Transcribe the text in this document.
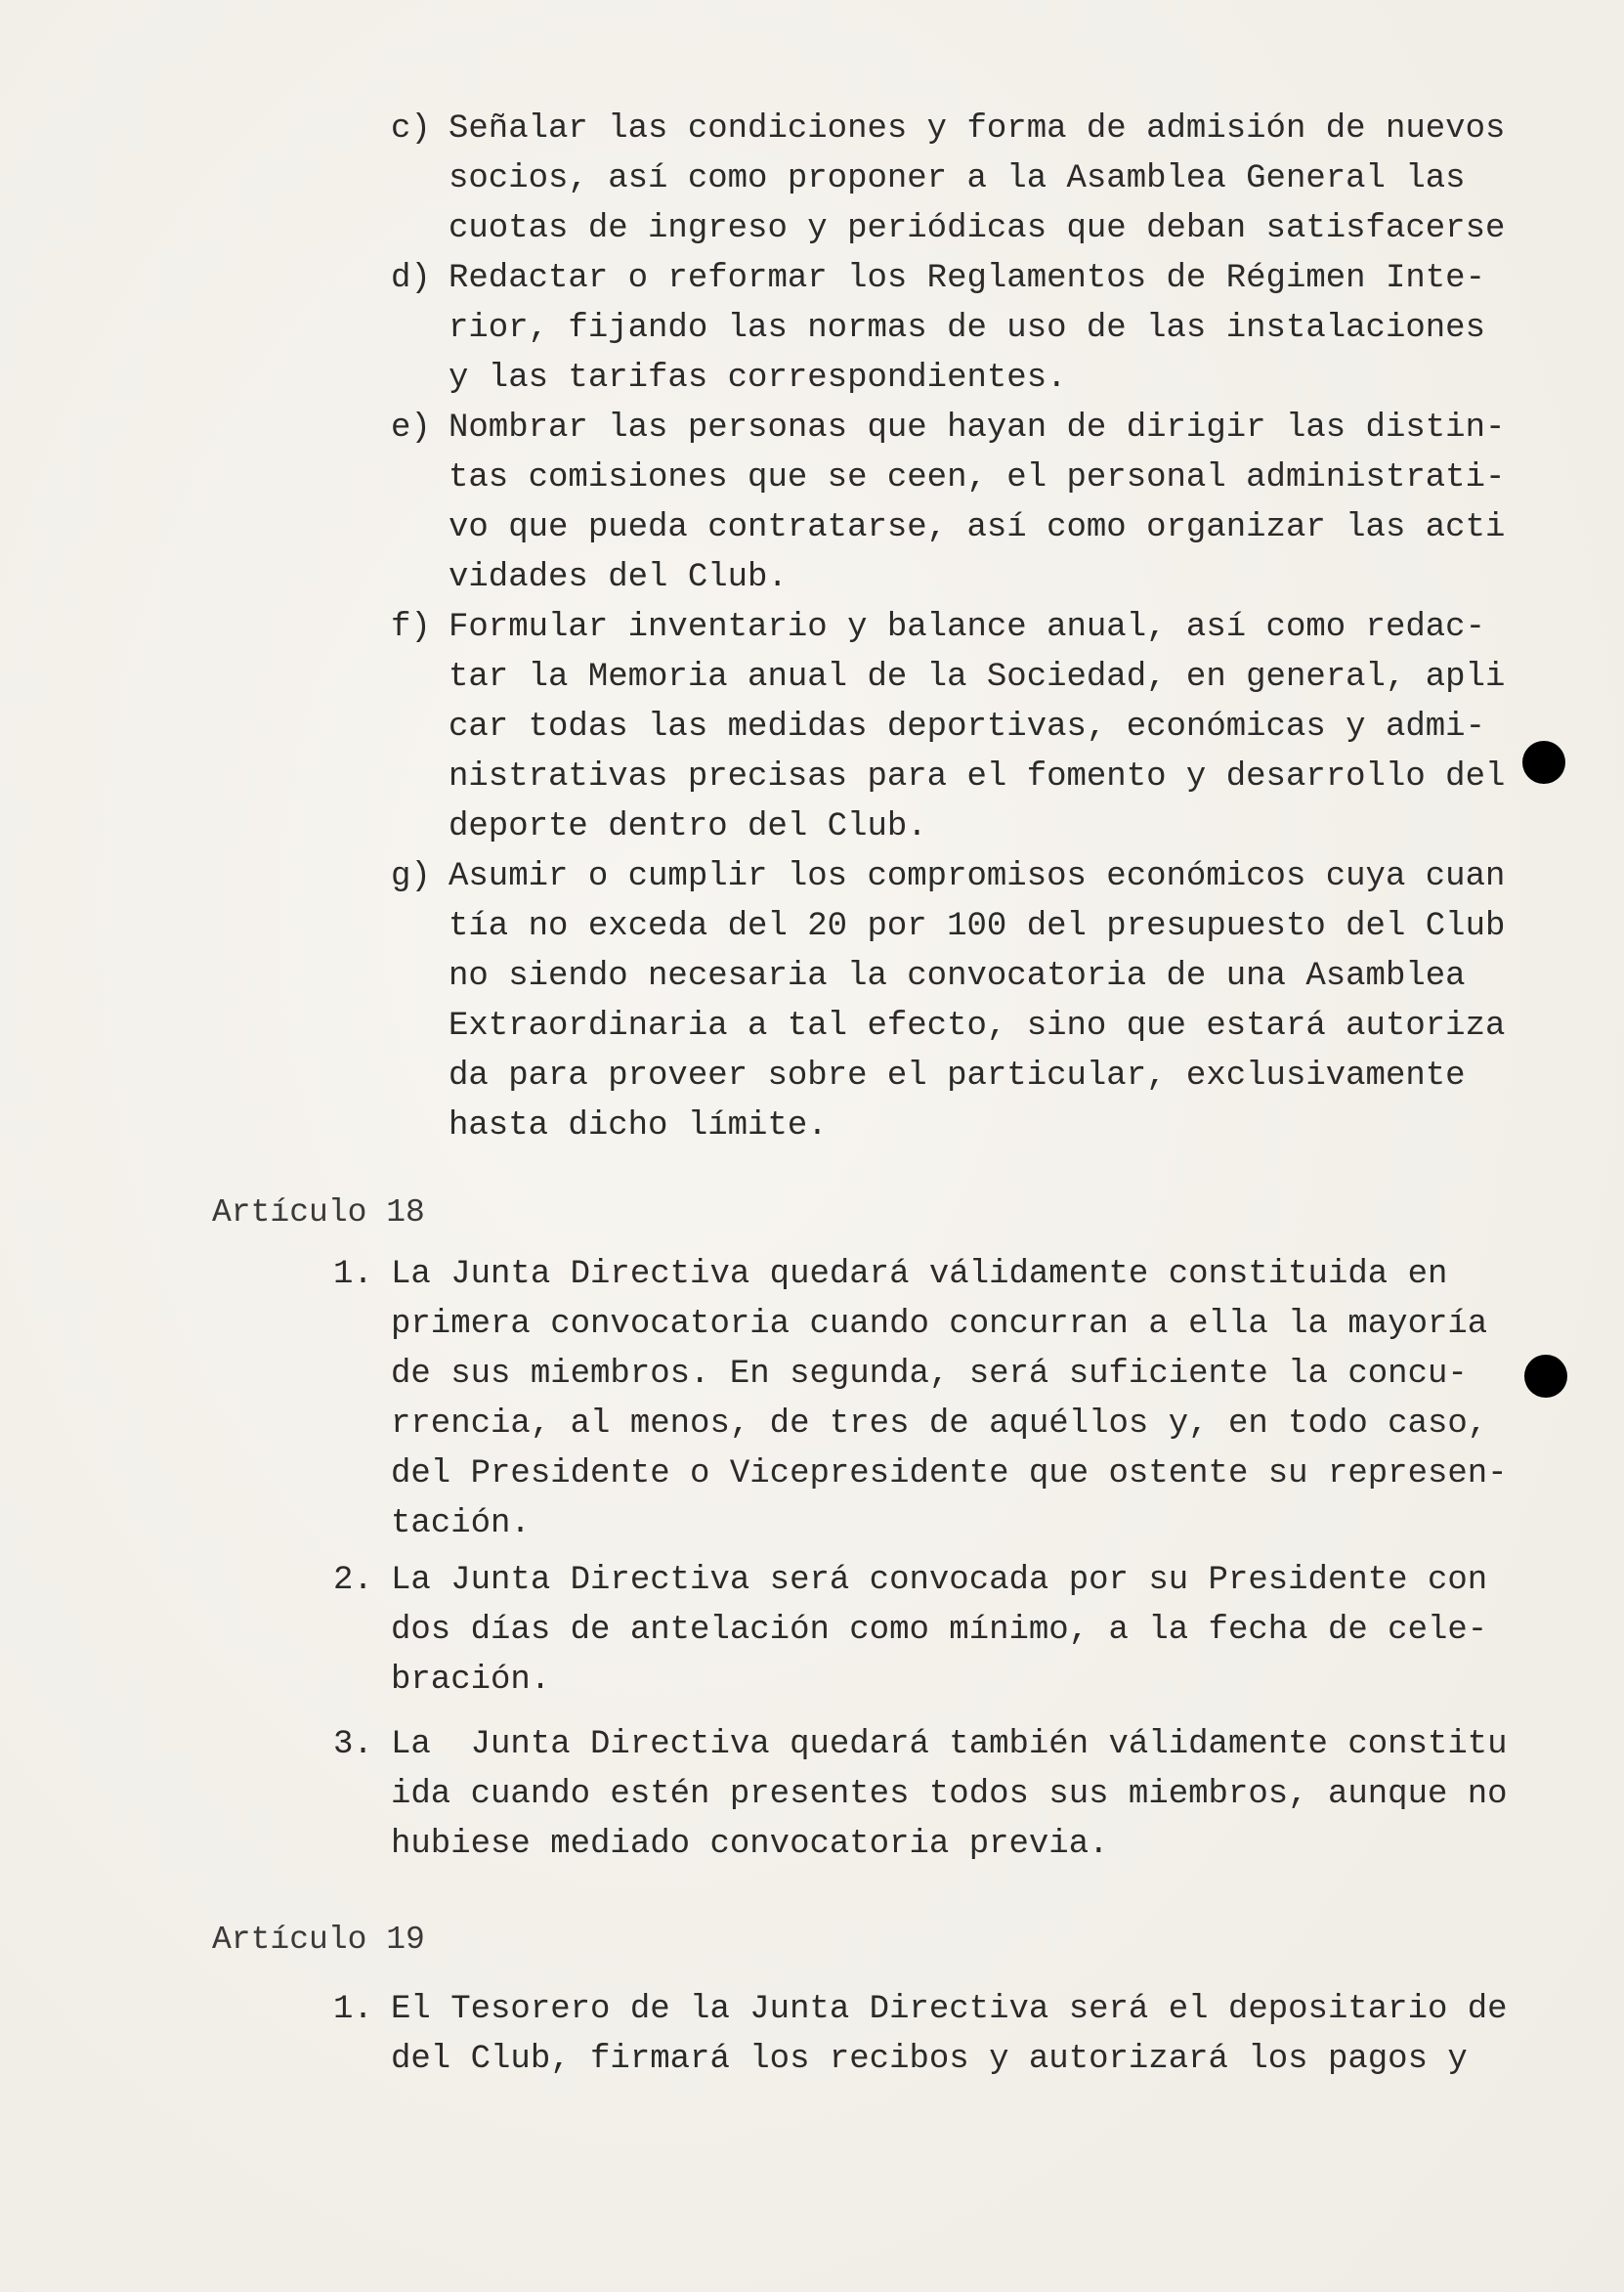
c) Señalar las condiciones y forma de admisión de nuevos
socios, así como proponer a la Asamblea General las
cuotas de ingreso y periódicas que deban satisfacerse
d) Redactar o reformar los Reglamentos de Régimen Inte-
rior, fijando las normas de uso de las instalaciones
y las tarifas correspondientes.
e) Nombrar las personas que hayan de dirigir las distin-
tas comisiones que se ceen, el personal administrati-
vo que pueda contratarse, así como organizar las acti
vidades del Club.
f) Formular inventario y balance anual, así como redac-
tar la Memoria anual de la Sociedad, en general, apli
car todas las medidas deportivas, económicas y admi-
nistrativas precisas para el fomento y desarrollo del
deporte dentro del Club.
g) Asumir o cumplir los compromisos económicos cuya cuan
tía no exceda del 20 por 100 del presupuesto del Club
no siendo necesaria la convocatoria de una Asamblea
Extraordinaria a tal efecto, sino que estará autoriza
da para proveer sobre el particular, exclusivamente
hasta dicho límite.
Artículo 18
1. La Junta Directiva quedará válidamente constituida en
primera convocatoria cuando concurran a ella la mayoría
de sus miembros. En segunda, será suficiente la concu-
rrencia, al menos, de tres de aquéllos y, en todo caso,
del Presidente o Vicepresidente que ostente su represen-
tación.
2. La Junta Directiva será convocada por su Presidente con
dos días de antelación como mínimo, a la fecha de cele-
bración.
3. La  Junta Directiva quedará también válidamente constitu
ida cuando estén presentes todos sus miembros, aunque no
hubiese mediado convocatoria previa.
Artículo 19
1. El Tesorero de la Junta Directiva será el depositario de
del Club, firmará los recibos y autorizará los pagos y
